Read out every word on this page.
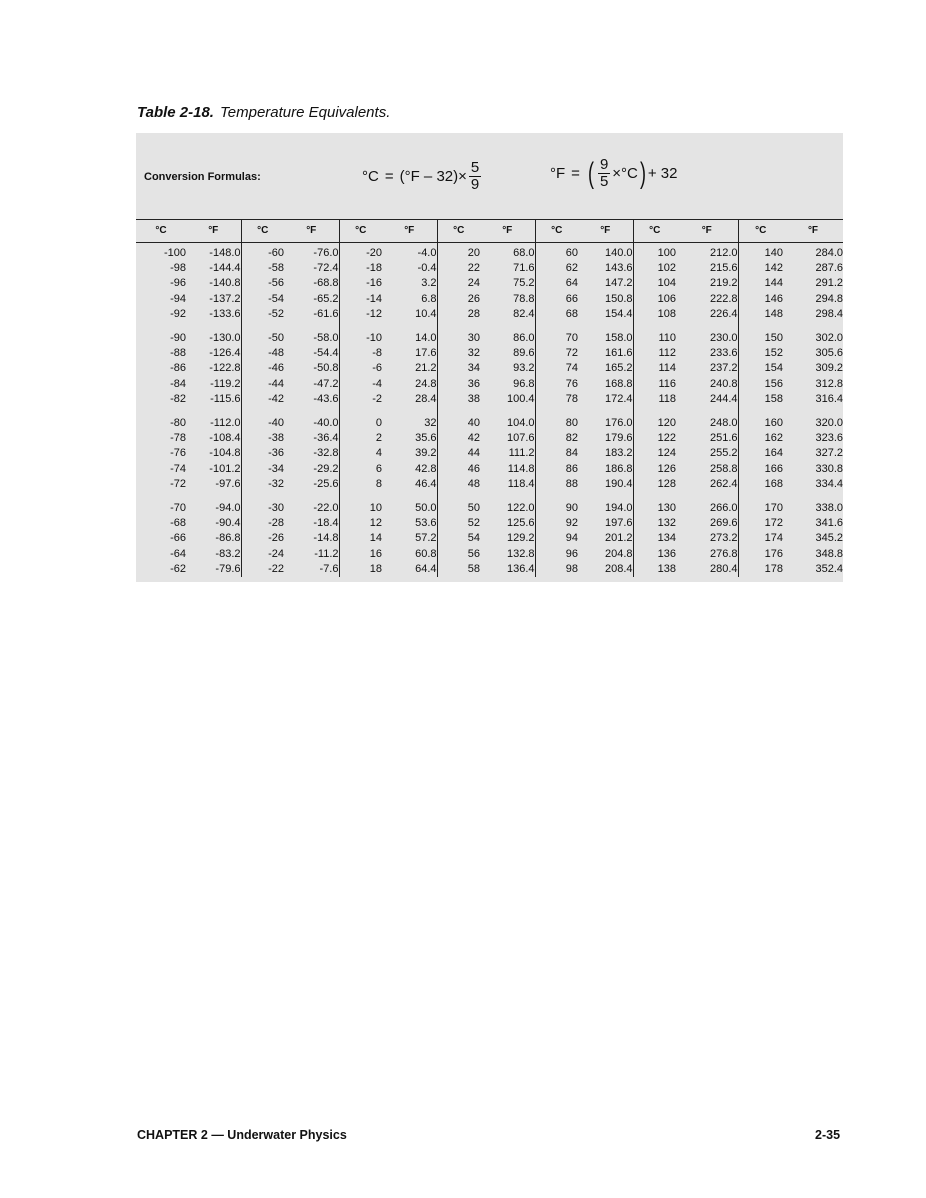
Table 2-18. Temperature Equivalents.
Conversion Formulas:	$^\circ C = (^\circ F - 32) \times \frac{5}{9}$	°F = ( $\frac{9}{5} \times^\circ C$ ) + 32
°C	°F	°C	°F	°C	°F	°C	°F	°C	°F	°C	°F	°C	°F

-100	-148.0	-60	-76.0	-20	-4.0	20	68.0	60	140.0	100	212.0	140	284.0
-98	-144.4	-58	-72.4	-18	-0.4	22	71.6	62	143.6	102	215.6	142	287.6
-96	-140.8	-56	-68.8	-16	3.2	24	75.2	64	147.2	104	219.2	144	291.2
-94	-137.2	-54	-65.2	-14	6.8	26	78.8	66	150.8	106	222.8	146	294.8
-92	-133.6	-52	-61.6	-12	10.4	28	82.4	68	154.4	108	226.4	148	298.4

-90	-130.0	-50	-58.0	-10	14.0	30	86.0	70	158.0	110	230.0	150	302.0
-88	-126.4	-48	-54.4	-8	17.6	32	89.6	72	161.6	112	233.6	152	305.6
-86	-122.8	-46	-50.8	-6	21.2	34	93.2	74	165.2	114	237.2	154	309.2
-84	-119.2	-44	-47.2	-4	24.8	36	96.8	76	168.8	116	240.8	156	312.8
-82	-115.6	-42	-43.6	-2	28.4	38	100.4	78	172.4	118	244.4	158	316.4

-80	-112.0	-40	-40.0	0	32	40	104.0	80	176.0	120	248.0	160	320.0
-78	-108.4	-38	-36.4	2	35.6	42	107.6	82	179.6	122	251.6	162	323.6
-76	-104.8	-36	-32.8	4	39.2	44	111.2	84	183.2	124	255.2	164	327.2
-74	-101.2	-34	-29.2	6	42.8	46	114.8	86	186.8	126	258.8	166	330.8
-72	-97.6	-32	-25.6	8	46.4	48	118.4	88	190.4	128	262.4	168	334.4

-70	-94.0	-30	-22.0	10	50.0	50	122.0	90	194.0	130	266.0	170	338.0
-68	-90.4	-28	-18.4	12	53.6	52	125.6	92	197.6	132	269.6	172	341.6
-66	-86.8	-26	-14.8	14	57.2	54	129.2	94	201.2	134	273.2	174	345.2
-64	-83.2	-24	-11.2	16	60.8	56	132.8	96	204.8	136	276.8	176	348.8
-62	-79.6	-22	-7.6	18	64.4	58	136.4	98	208.4	138	280.4	178	352.4
CHAPTER 2 — Underwater Physics	2-35
